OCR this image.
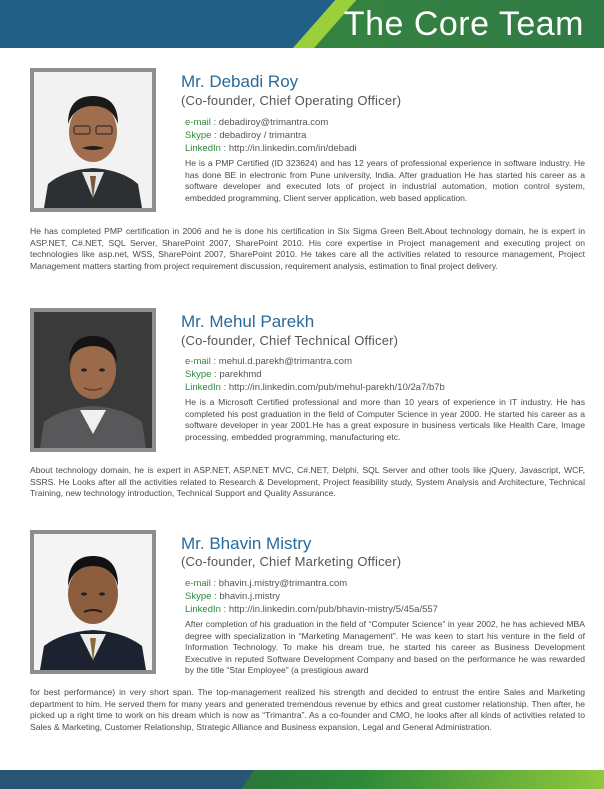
The Core Team
Mr. Debadi Roy
(Co-founder, Chief Operating Officer)
e-mail : debadiroy@trimantra.com
Skype : debadiroy / trimantra
LinkedIn : http://in.linkedin.com/in/debadi
He is a PMP Certified (ID 323624) and has 12 years of professional experience in software industry. He has done BE in electronic from Pune university, India. After graduation He has started his career as a software developer and executed lots of project in industrial automation, motion control system, embedded programming, Client server application, web based application.
He has completed PMP certification in 2006 and he is done his certification in Six Sigma Green Belt.About technology domain, he is expert in ASP.NET, C#.NET, SQL Server, SharePoint 2007, SharePoint 2010. His core expertise in Project management and executing project on technologies like asp.net, WSS, SharePoint 2007, SharePoint 2010. He takes care all the activities related to resource management, Project Management matters starting from project requirement discussion, requirement analysis, estimation to final project delivery.
Mr. Mehul Parekh
(Co-founder, Chief Technical Officer)
e-mail : mehul.d.parekh@trimantra.com
Skype : parekhmd
LinkedIn : http://in.linkedin.com/pub/mehul-parekh/10/2a7/b7b
He is a Microsoft Certified professional and more than 10 years of experience in IT industry. He has completed his post graduation in the field of Computer Science in year 2000. He started his career as a software developer in year 2001.He has a great exposure in business verticals like Health Care, Image processing, embedded programming, manufacturing etc.
About technology domain, he is expert in ASP.NET, ASP.NET MVC, C#.NET, Delphi, SQL Server and other tools like jQuery, Javascript, WCF, SSRS. He Looks after all the activities related to Research & Development, Project feasibility study, System Analysis and Architecture, Technical Training, new technology introduction, Technical Support and Quality Assurance.
Mr. Bhavin Mistry
(Co-founder, Chief Marketing Officer)
e-mail : bhavin.j.mistry@trimantra.com
Skype : bhavin.j.mistry
LinkedIn : http://in.linkedin.com/pub/bhavin-mistry/5/45a/557
After completion of his graduation in the field of “Computer Science” in year 2002, he has achieved MBA degree with specialization in “Marketing Management”. He was keen to start his venture in the field of Information Technology. To make his dream true, he started his career as Business Development Executive in reputed Software Development Company and based on the performance he was rewarded by the title “Star Employee” (a prestigious award
for best performance) in very short span. The top-management realized his strength and decided to entrust the entire Sales and Marketing department to him. He served them for many years and generated tremendous revenue by ethics and great customer relationship. Then after, he picked up a right time to work on his dream which is now as “Trimantra”. As a co-founder and CMO, he looks after all kinds of activities related to Sales & Marketing, Customer Relationship, Strategic Alliance and Business expansion, Legal and General Administration.
